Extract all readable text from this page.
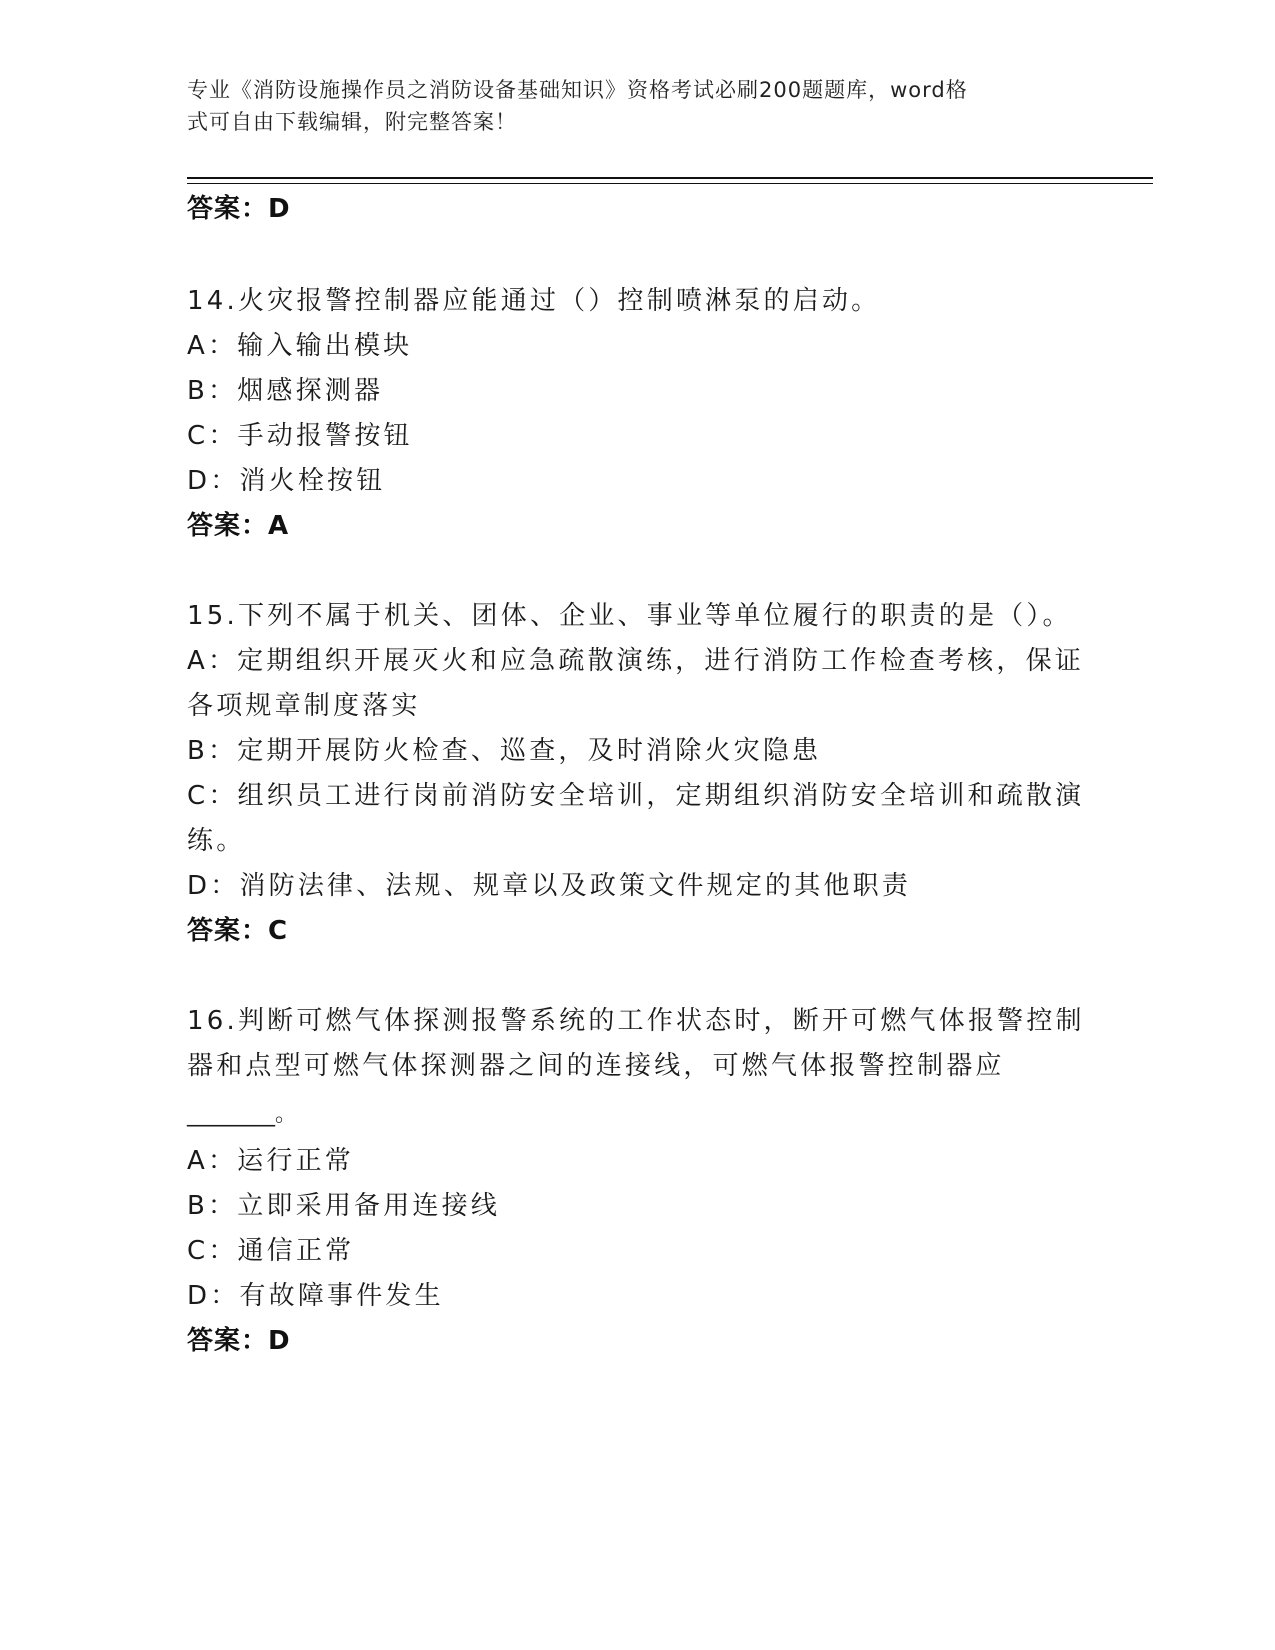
专业《消防设施操作员之消防设备基础知识》资格考试必刷200题题库，word格
式可自由下载编辑，附完整答案！
答案：D
14.火灾报警控制器应能通过（）控制喷淋泵的启动。
A：输入输出模块
B：烟感探测器
C：手动报警按钮
D：消火栓按钮
答案：A
15.下列不属于机关、团体、企业、事业等单位履行的职责的是（）。
A：定期组织开展灭火和应急疏散演练，进行消防工作检查考核，保证
各项规章制度落实
B：定期开展防火检查、巡查，及时消除火灾隐患
C：组织员工进行岗前消防安全培训，定期组织消防安全培训和疏散演
练。
D：消防法律、法规、规章以及政策文件规定的其他职责
答案：C
16.判断可燃气体探测报警系统的工作状态时，断开可燃气体报警控制
器和点型可燃气体探测器之间的连接线，可燃气体报警控制器应
________。
A：运行正常
B：立即采用备用连接线
C：通信正常
D：有故障事件发生
答案：D
